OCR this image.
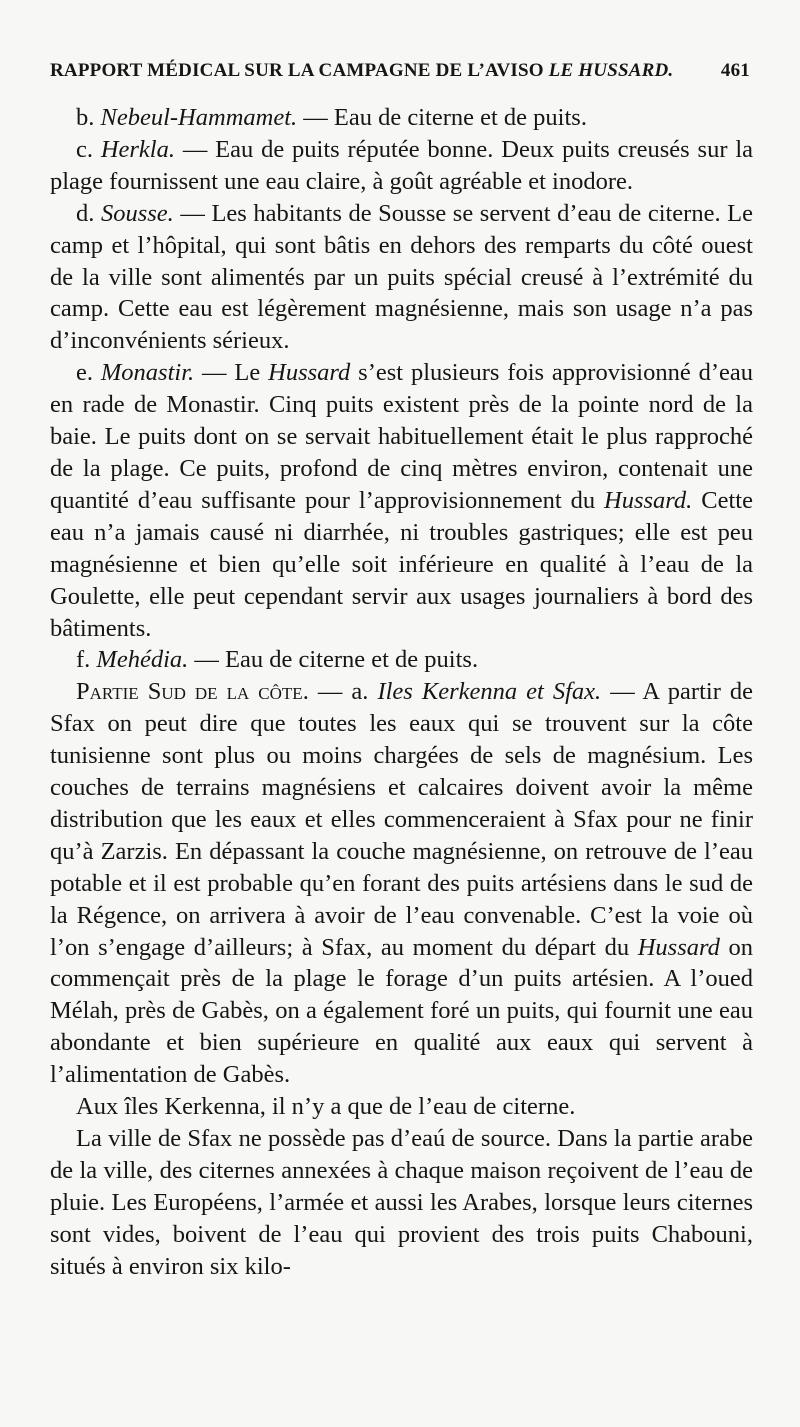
RAPPORT MÉDICAL SUR LA CAMPAGNE DE L’AVISO LE HUSSARD.	461

b. Nebeul-Hammamet. — Eau de citerne et de puits.

c. Herkla. — Eau de puits réputée bonne. Deux puits creusés sur la plage fournissent une eau claire, à goût agréable et inodore.

d. Sousse. — Les habitants de Sousse se servent d’eau de citerne. Le camp et l’hôpital, qui sont bâtis en dehors des remparts du côté ouest de la ville sont alimentés par un puits spécial creusé à l’extrémité du camp. Cette eau est légèrement magnésienne, mais son usage n’a pas d’inconvénients sérieux.

e. Monastir. — Le Hussard s’est plusieurs fois approvisionné d’eau en rade de Monastir. Cinq puits existent près de la pointe nord de la baie. Le puits dont on se servait habituellement était le plus rapproché de la plage. Ce puits, profond de cinq mètres environ, contenait une quantité d’eau suffisante pour l’approvisionnement du Hussard. Cette eau n’a jamais causé ni diarrhée, ni troubles gastriques; elle est peu magnésienne et bien qu’elle soit inférieure en qualité à l’eau de la Goulette, elle peut cependant servir aux usages journaliers à bord des bâtiments.

f. Mehédia. — Eau de citerne et de puits.

Partie Sud de la côte. — a. Iles Kerkenna et Sfax. — A partir de Sfax on peut dire que toutes les eaux qui se trouvent sur la côte tunisienne sont plus ou moins chargées de sels de magnésium. Les couches de terrains magnésiens et calcaires doivent avoir la même distribution que les eaux et elles commenceraient à Sfax pour ne finir qu’à Zarzis. En dépassant la couche magnésienne, on retrouve de l’eau potable et il est probable qu’en forant des puits artésiens dans le sud de la Régence, on arrivera à avoir de l’eau convenable. C’est la voie où l’on s’engage d’ailleurs; à Sfax, au moment du départ du Hussard on commençait près de la plage le forage d’un puits artésien. A l’oued Mélah, près de Gabès, on a également foré un puits, qui fournit une eau abondante et bien supérieure en qualité aux eaux qui servent à l’alimentation de Gabès.

Aux îles Kerkenna, il n’y a que de l’eau de citerne.

La ville de Sfax ne possède pas d’eaú de source. Dans la partie arabe de la ville, des citernes annexées à chaque maison reçoivent de l’eau de pluie. Les Européens, l’armée et aussi les Arabes, lorsque leurs citernes sont vides, boivent de l’eau qui provient des trois puits Chabouni, situés à environ six kilo-
